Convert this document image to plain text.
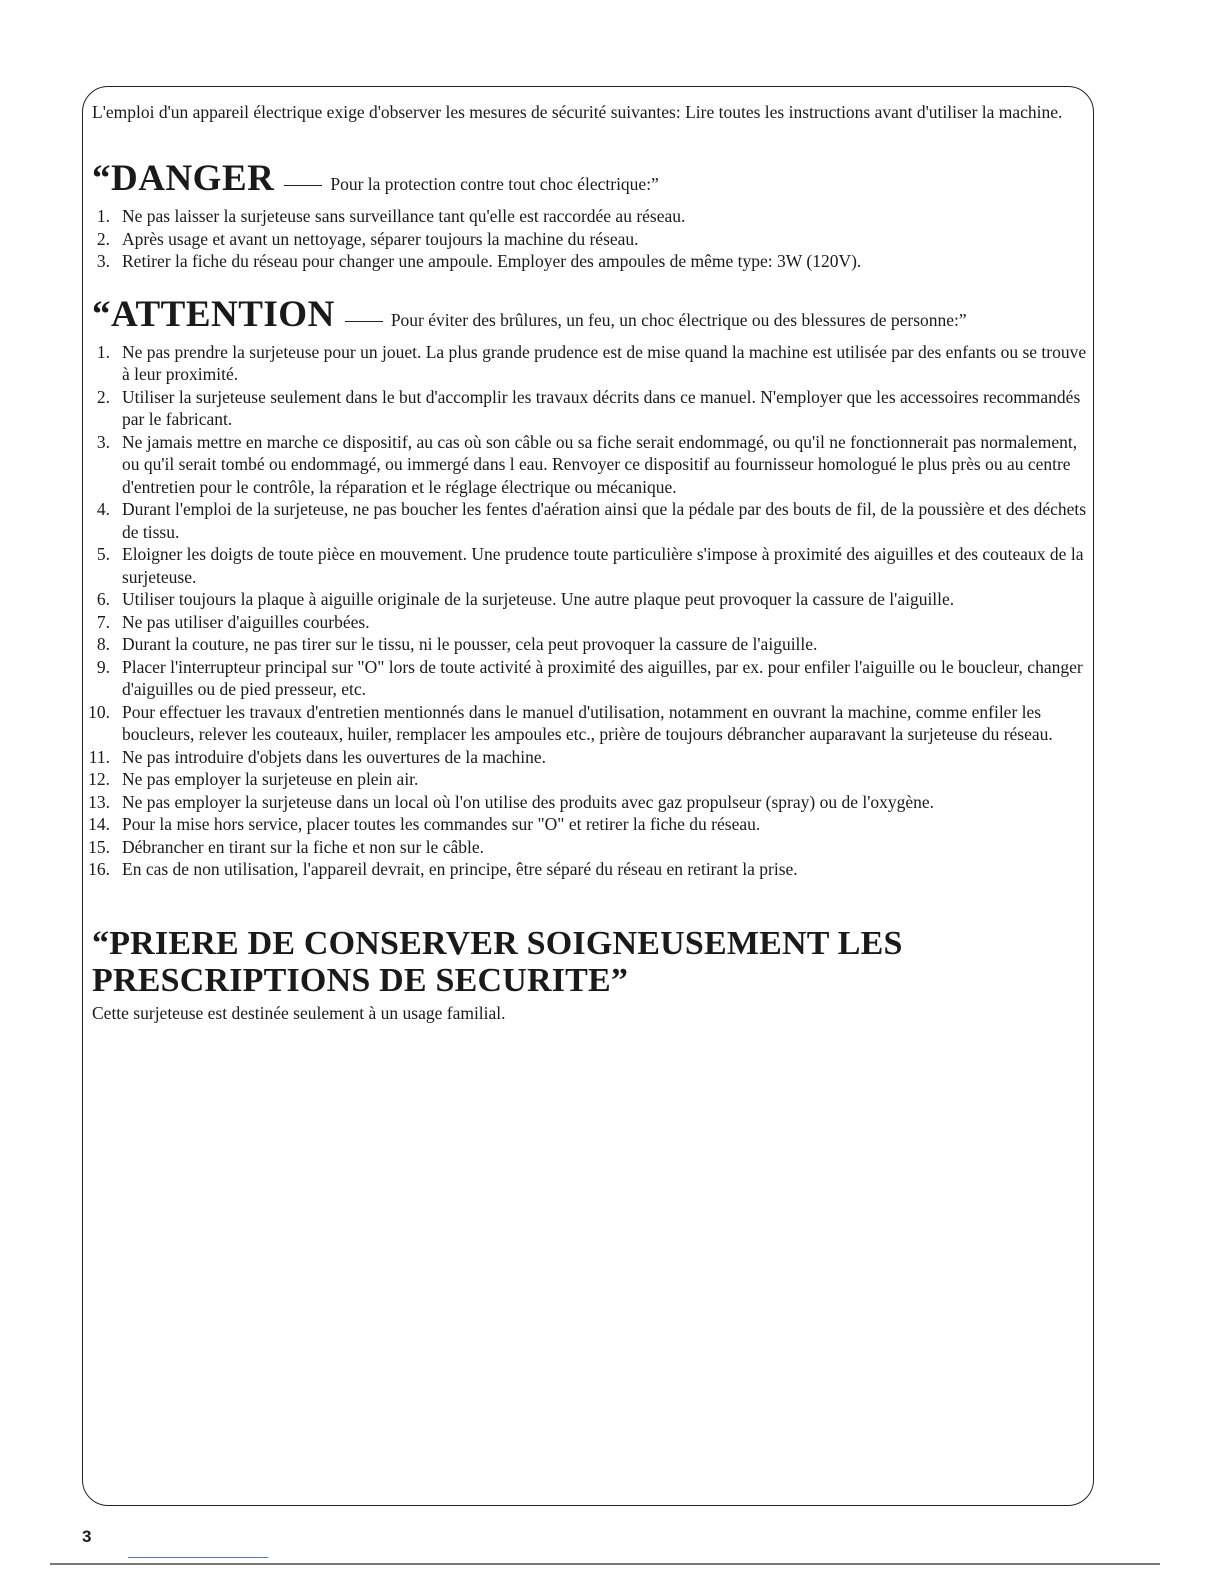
L'emploi d'un appareil électrique exige d'observer les mesures de sécurité suivantes: Lire toutes les instructions avant d'utiliser la machine.

“DANGER	Pour la protection contre tout choc électrique:”
1. Ne pas laisser la surjeteuse sans surveillance tant qu'elle est raccordée au réseau.
2. Après usage et avant un nettoyage, séparer toujours la machine du réseau.
3. Retirer la fiche du réseau pour changer une ampoule. Employer des ampoules de même type: 3W (120V).
“ATTENTION	Pour éviter des brûlures, un feu, un choc électrique ou des blessures de personne:”
1. Ne pas prendre la surjeteuse pour un jouet. La plus grande prudence est de mise quand la machine est utilisée par des enfants ou se trouve à leur proximité.
2. Utiliser la surjeteuse seulement dans le but d'accomplir les travaux décrits dans ce manuel. N'employer que les accessoires recommandés par le fabricant.
3. Ne jamais mettre en marche ce dispositif, au cas où son câble ou sa fiche serait endommagé, ou qu'il ne fonctionnerait pas normalement, ou qu'il serait tombé ou endommagé, ou immergé dans l eau. Renvoyer ce dispositif au fournisseur homologué le plus près ou au centre d'entretien pour le contrôle, la réparation et le réglage électrique ou mécanique.
4. Durant l'emploi de la surjeteuse, ne pas boucher les fentes d'aération ainsi que la pédale par des bouts de fil, de la poussière et des déchets de tissu.
5. Eloigner les doigts de toute pièce en mouvement. Une prudence toute particulière s'impose à proximité des aiguilles et des couteaux de la surjeteuse.
6. Utiliser toujours la plaque à aiguille originale de la surjeteuse. Une autre plaque peut provoquer la cassure de l'aiguille.
7. Ne pas utiliser d'aiguilles courbées.
8. Durant la couture, ne pas tirer sur le tissu, ni le pousser, cela peut provoquer la cassure de l'aiguille.
9. Placer l'interrupteur principal sur "O" lors de toute activité à proximité des aiguilles, par ex. pour enfiler l'aiguille ou le boucleur, changer d'aiguilles ou de pied presseur, etc.
10. Pour effectuer les travaux d'entretien mentionnés dans le manuel d'utilisation, notamment en ouvrant la machine, comme enfiler les boucleurs, relever les couteaux, huiler, remplacer les ampoules etc., prière de toujours débrancher auparavant la surjeteuse du réseau.
11. Ne pas introduire d'objets dans les ouvertures de la machine.
12. Ne pas employer la surjeteuse en plein air.
13. Ne pas employer la surjeteuse dans un local où l'on utilise des produits avec gaz propulseur (spray) ou de l'oxygène.
14. Pour la mise hors service, placer toutes les commandes sur "O" et retirer la fiche du réseau.
15. Débrancher en tirant sur la fiche et non sur le câble.
16. En cas de non utilisation, l'appareil devrait, en principe, être séparé du réseau en retirant la prise.
“PRIERE DE CONSERVER SOIGNEUSEMENT LES
PRESCRIPTIONS DE SECURITE”
Cette surjeteuse est destinée seulement à un usage familial.
3
